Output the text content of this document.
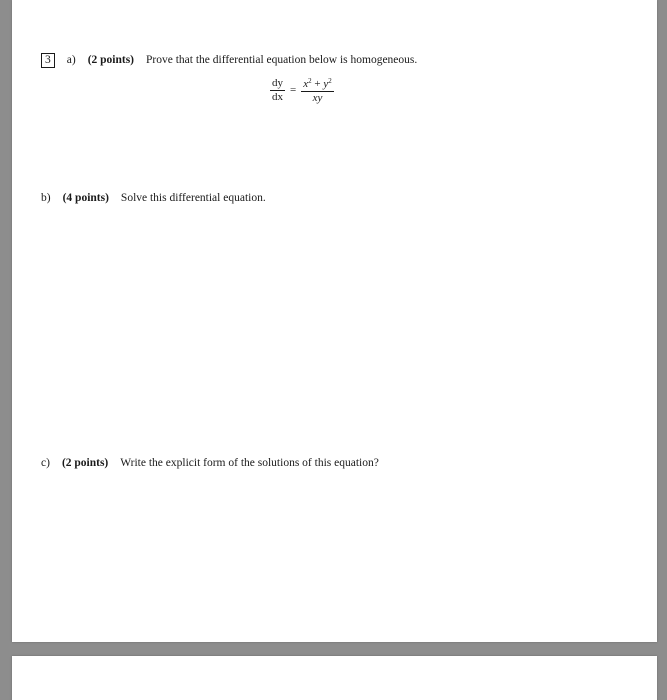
3	a) (2 points) Prove that the differential equation below is homogeneous.
$\frac{dy}{dx} = \frac{x^2 + y^2}{xy}$
b) (4 points) Solve this differential equation.
c) (2 points) Write the explicit form of the solutions of this equation?
